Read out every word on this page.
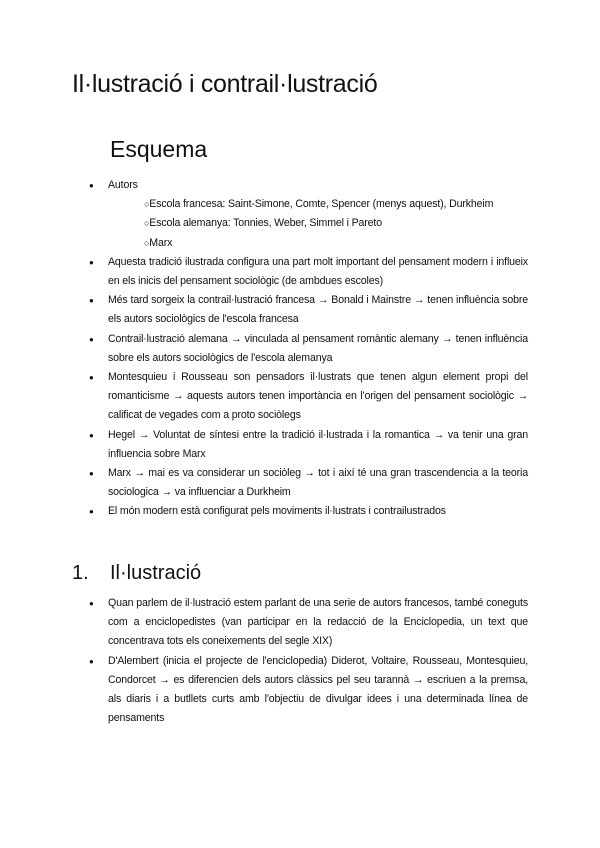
Il·lustració i contrail·lustració
Esquema
● Autors
○ Escola francesa: Saint-Simone, Comte, Spencer (menys aquest), Durkheim
○ Escola alemanya: Tonnies, Weber, Simmel i Pareto
○ Marx
● Aquesta tradició ilustrada configura una part molt important del pensament modern i influeix en els inicis del pensament sociològic (de ambdues escoles)
● Més tard sorgeix la contrail·lustració francesa → Bonald i Mainstre → tenen influència sobre els autors sociològics de l'escola francesa
● Contrail·lustració alemana → vinculada al pensament romàntic alemany → tenen influència sobre els autors sociològics de l'escola alemanya
● Montesquieu i Rousseau son pensadors il·lustrats que tenen algun element propi del romanticisme → aquests autors tenen importància en l'origen del pensament sociològic → calificat de vegades com a proto sociòlegs
● Hegel → Voluntat de síntesi entre la tradició il·lustrada i la romantica → va tenir una gran influencia sobre Marx
● Marx → mai es va considerar un sociòleg → tot i així té una gran trascendencia a la teoria sociologica → va influenciar a Durkheim
● El món modern està configurat pels moviments il·lustrats i contrailustrados
1. Il·lustració
● Quan parlem de il·lustració estem parlant de una serie de autors francesos, també coneguts com a enciclopedistes (van participar en la redacció de la Enciclopedia, un text que concentrava tots els coneixements del segle XIX)
● D'Alembert (inicia el projecte de l'enciclopedia) Diderot, Voltaire, Rousseau, Montesquieu, Condorcet → es diferencien dels autors clàssics pel seu tarannà → escriuen a la premsa, als diaris i a butllets curts amb l'objectiu de divulgar idees i una determinada línea de pensaments
